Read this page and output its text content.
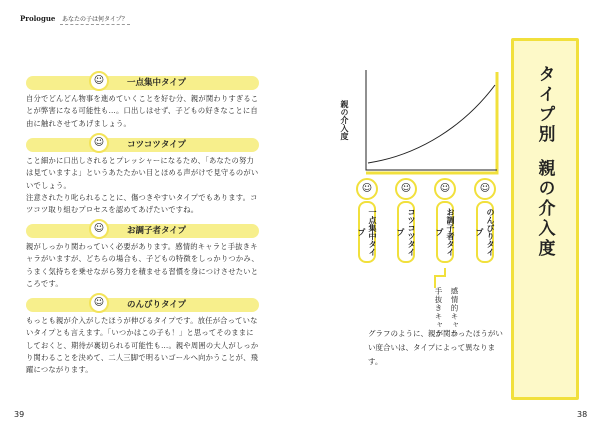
Prologue	あなたの子は何タイプ？
☺	一点集中タイプ
自分でどんどん物事を進めていくことを好む分、親が関わりすぎることが弊害になる可能性も…。口出しはせず、子どもの好きなことに自由に触れさせてあげましょう。
☺	コツコツタイプ
こと細かに口出しされるとプレッシャーになるため、「あなたの努力は見ていますよ」というあたたかい目とほめる声がけで見守るのがいいでしょう。
注意されたり叱られることに、傷つきやすいタイプでもあります。コツコツ取り組むプロセスを認めてあげたいですね。
☺	お調子者タイプ
親がしっかり関わっていく必要があります。感情的キャラと手抜きキャラがいますが、どちらの場合も、子どもの特徴をしっかりつかみ、うまく気持ちを乗せながら努力を積ませる習慣を身につけさせたいところです。
☺	のんびりタイプ
もっとも親が介入がしたほうが伸びるタイプです。放任が合っていないタイプとも言えます。「いつかはこの子も！」と思ってそのままにしておくと、期待が裏切られる可能性も…。親や周囲の大人がしっかり関わることを決めて、二人三脚で明るいゴールへ向かうことが、飛躍につながります。
39
親の介入度
☺
一点集中タイプ
☺
コツコツタイプ
☺
お調子者タイプ
☺
のんびりタイプ
感情的キャラ
手抜きキャラ
グラフのように、親が関わったほうがいい度合いは、タイプによって異なります。
タイプ別
親の介入度
38
